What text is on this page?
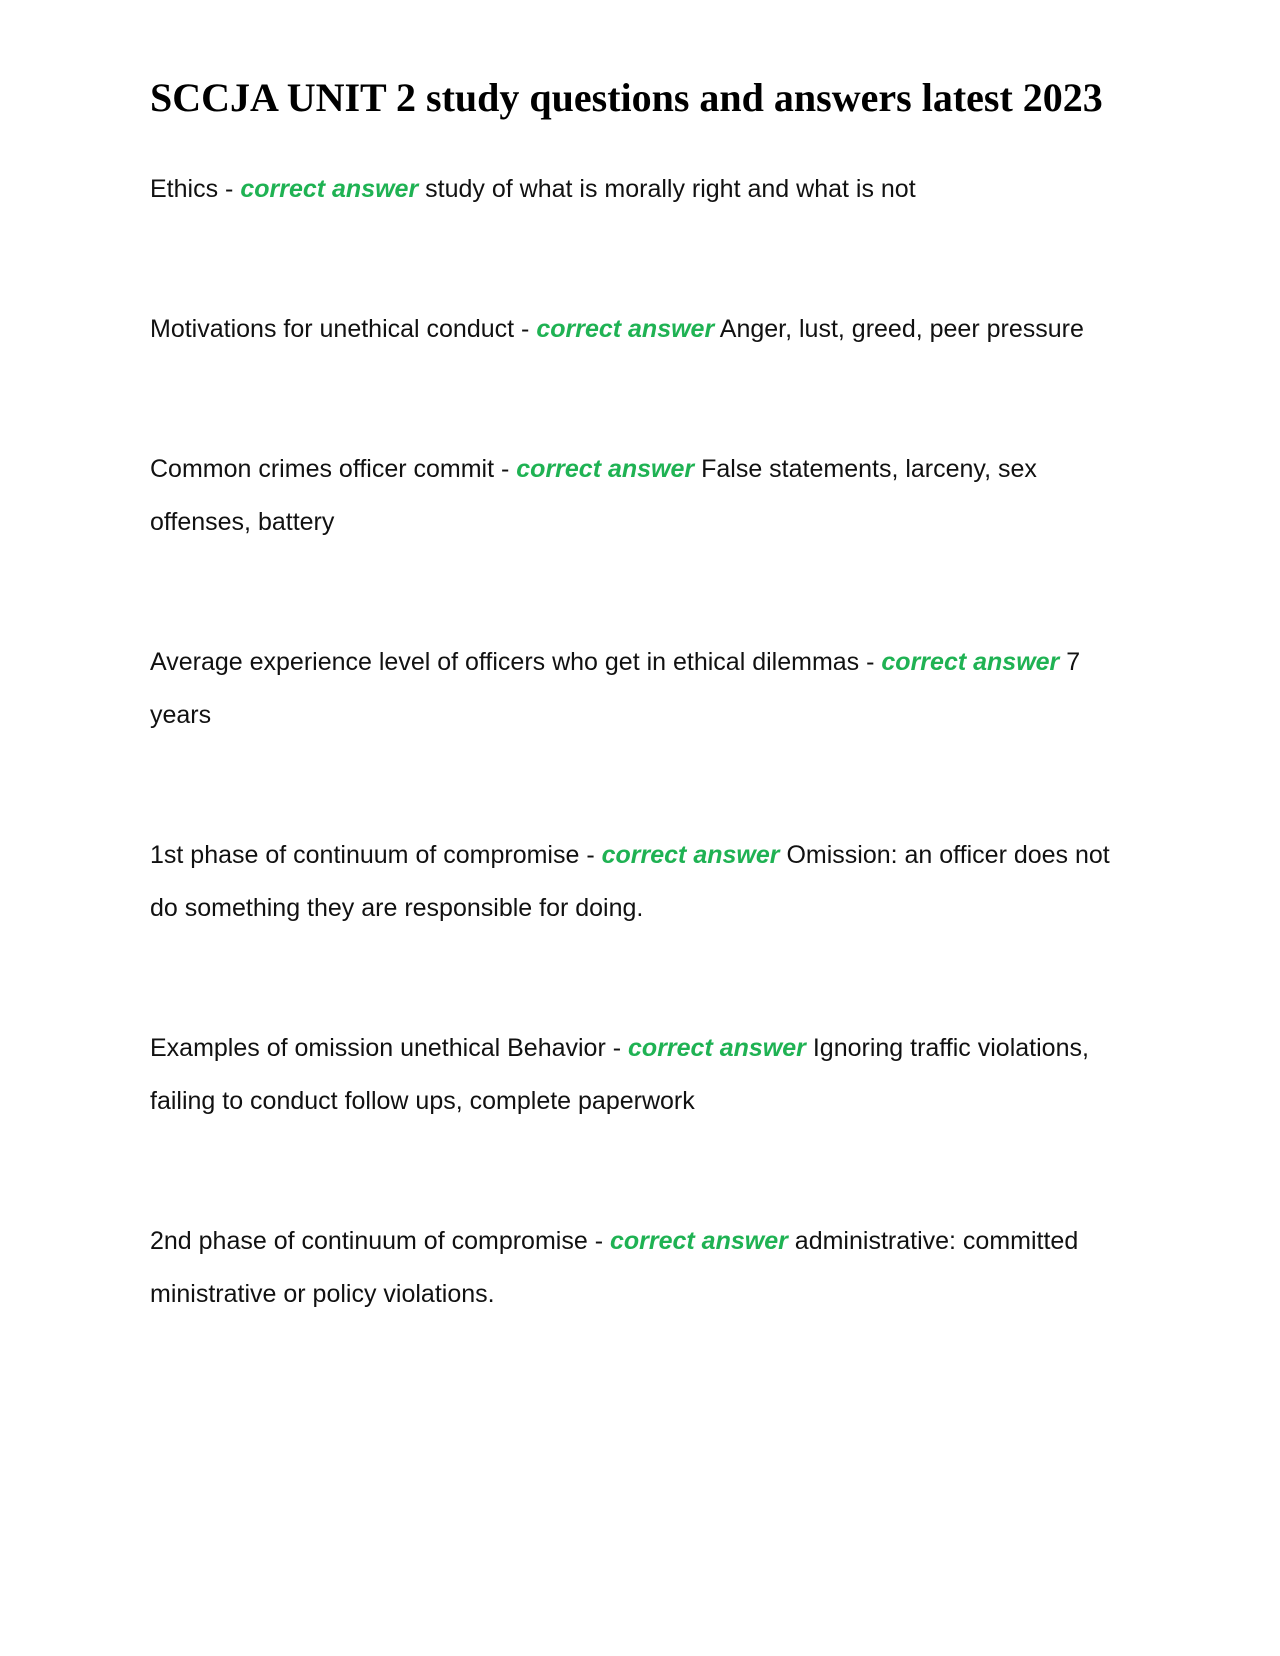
SCCJA UNIT 2 study questions and answers latest 2023

Ethics - correct answer study of what is morally right and what is not

Motivations for unethical conduct - correct answer Anger, lust, greed, peer pressure

Common crimes officer commit - correct answer False statements, larceny, sex offenses, battery

Average experience level of officers who get in ethical dilemmas - correct answer 7 years

1st phase of continuum of compromise - correct answer Omission: an officer does not do something they are responsible for doing.

Examples of omission unethical Behavior - correct answer Ignoring traffic violations, failing to conduct follow ups, complete paperwork

2nd phase of continuum of compromise - correct answer administrative: committed ministrative or policy violations.
